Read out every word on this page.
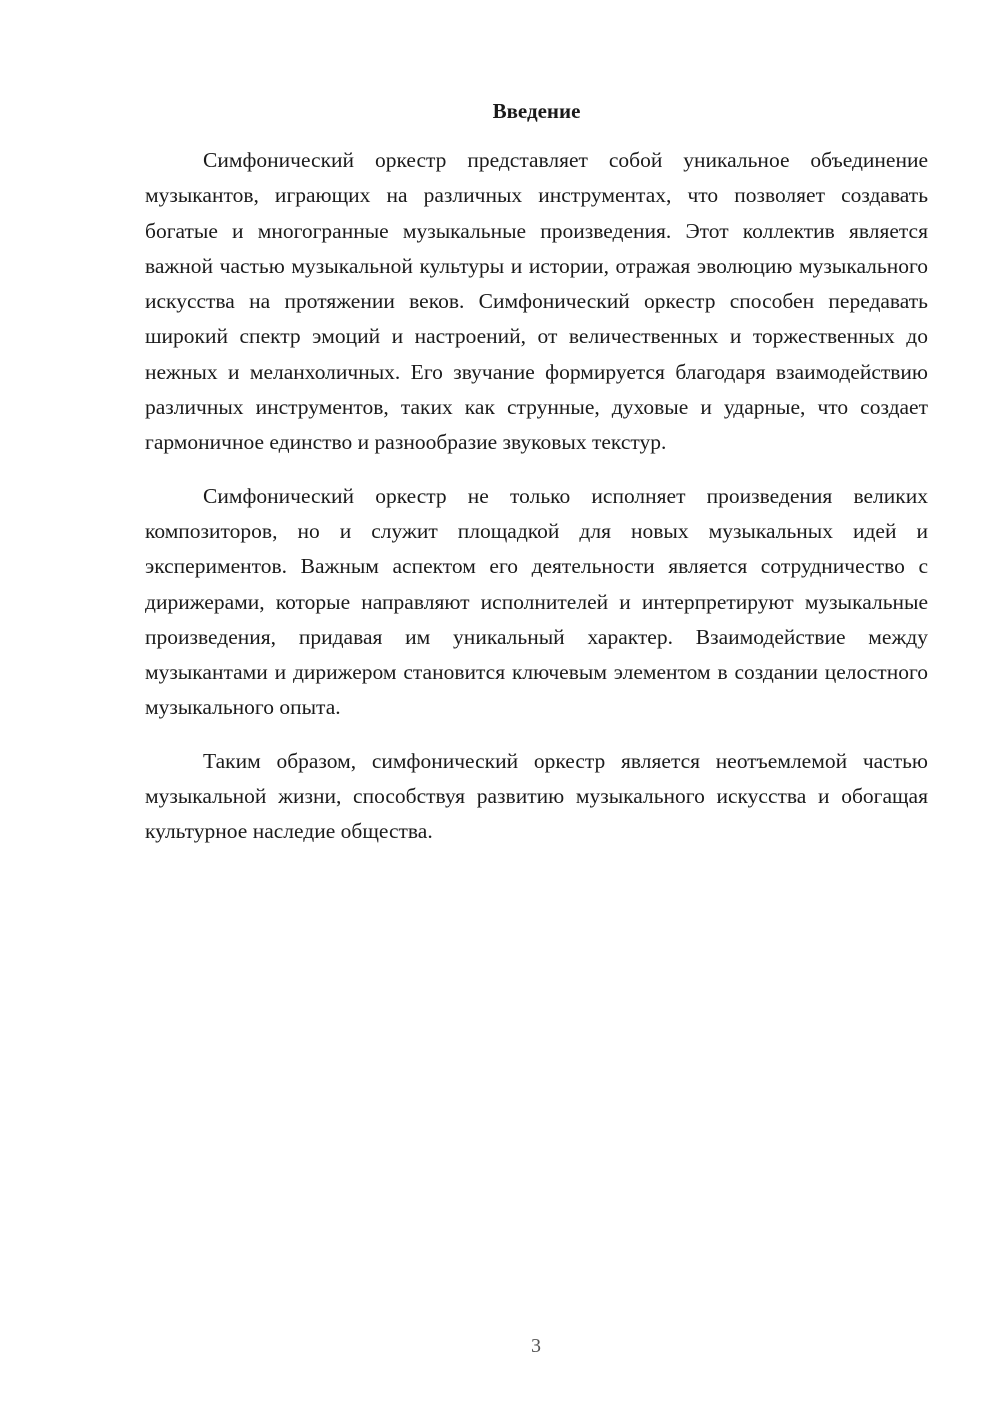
Введение

Симфонический оркестр представляет собой уникальное объединение музыкантов, играющих на различных инструментах, что позволяет создавать богатые и многогранные музыкальные произведения. Этот коллектив является важной частью музыкальной культуры и истории, отражая эволюцию музыкального искусства на протяжении веков. Симфонический оркестр способен передавать широкий спектр эмоций и настроений, от величественных и торжественных до нежных и меланхоличных. Его звучание формируется благодаря взаимодействию различных инструментов, таких как струнные, духовые и ударные, что создает гармоничное единство и разнообразие звуковых текстур.

Симфонический оркестр не только исполняет произведения великих композиторов, но и служит площадкой для новых музыкальных идей и экспериментов. Важным аспектом его деятельности является сотрудничество с дирижерами, которые направляют исполнителей и интерпретируют музыкальные произведения, придавая им уникальный характер. Взаимодействие между музыкантами и дирижером становится ключевым элементом в создании целостного музыкального опыта.

Таким образом, симфонический оркестр является неотъемлемой частью музыкальной жизни, способствуя развитию музыкального искусства и обогащая культурное наследие общества.

3
